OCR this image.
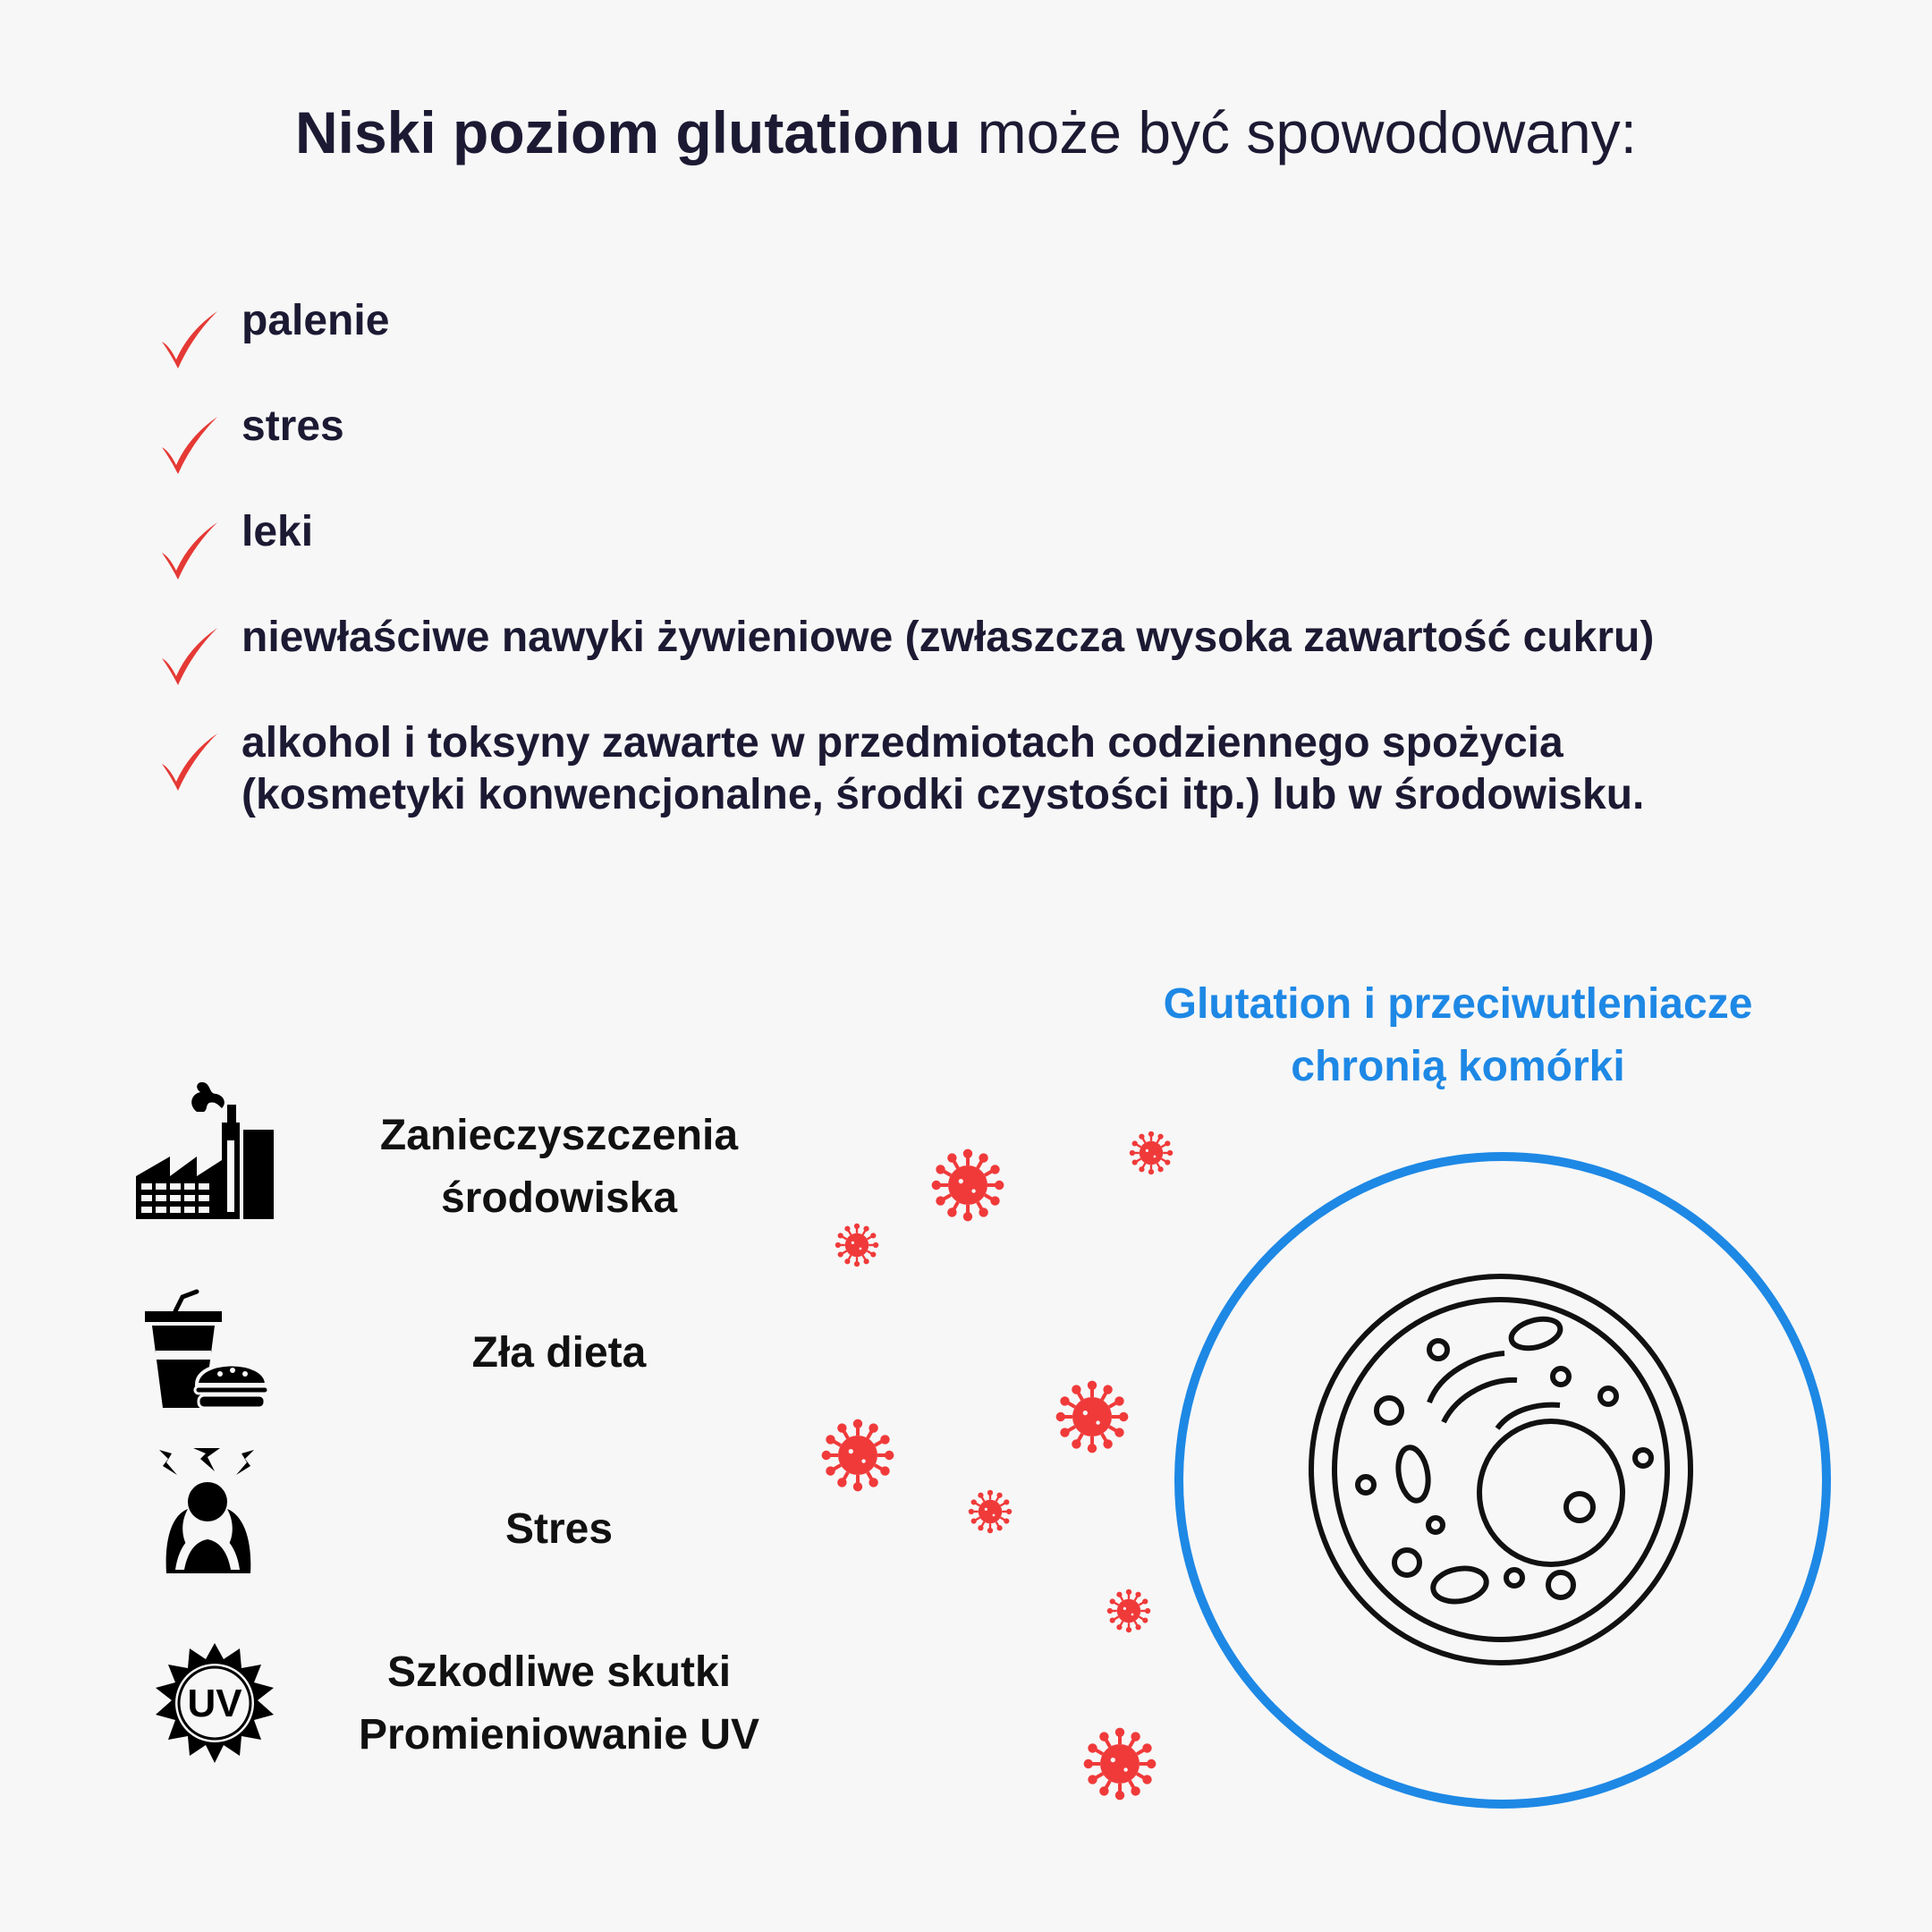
Niski poziom glutationu może być spowodowany:
palenie
stres
leki
niewłaściwe nawyki żywieniowe (zwłaszcza wysoka zawartość cukru)
alkohol i toksyny zawarte w przedmiotach codziennego spożycia
(kosmetyki konwencjonalne, środki czystości itp.) lub w środowisku.
UV
Zanieczyszczenia
środowiska
Zła dieta
Stres
Szkodliwe skutki
Promieniowanie UV
Glutation i przeciwutleniacze
chronią komórki
